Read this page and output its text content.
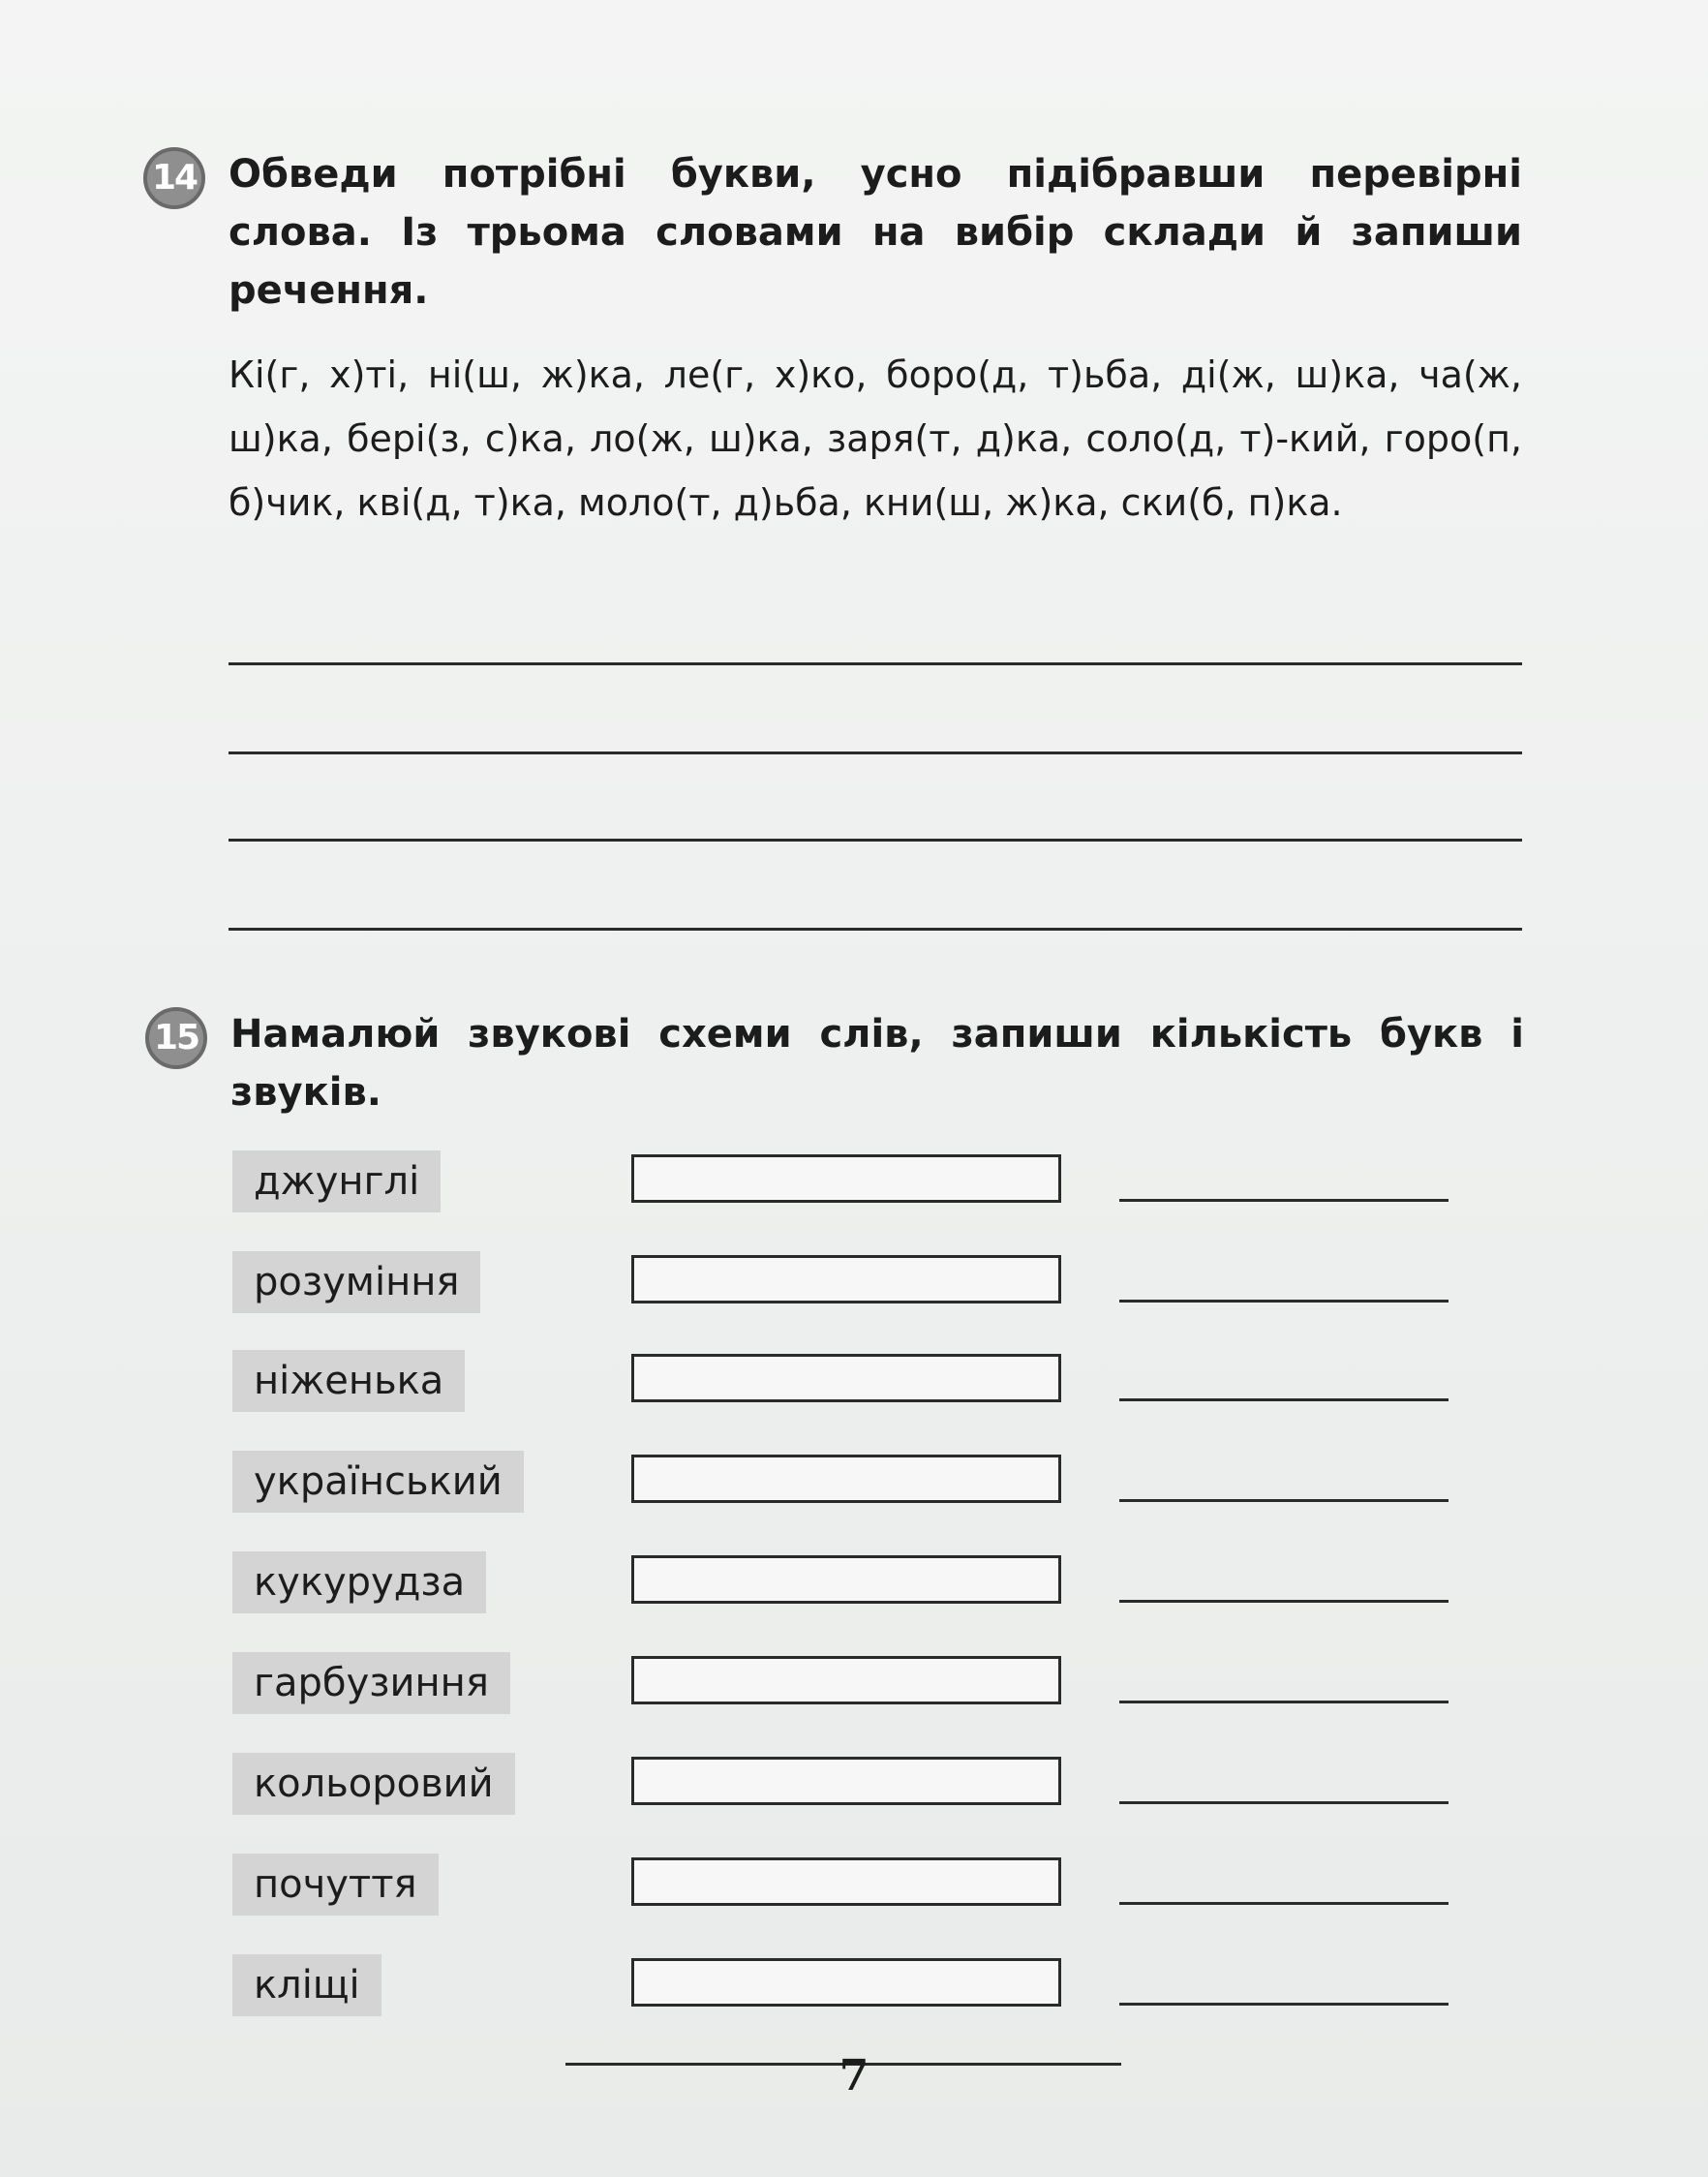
14 Обведи потрібні букви, усно підібравши перевірні слова. Із трьома словами на вибір склади й запиши речення.
Кі(г, х)ті, ні(ш, ж)ка, ле(г, х)ко, боро(д, т)ьба, ді(ж, ш)ка, ча(ж, ш)ка, бері(з, с)ка, ло(ж, ш)ка, заря(т, д)ка, соло(д, т)-кий, горо(п, б)чик, кві(д, т)ка, моло(т, д)ьба, кни(ш, ж)ка, ски(б, п)ка.
15 Намалюй звукові схеми слів, запиши кількість букв і звуків.
джунглі
розуміння
ніженька
український
кукурудза
гарбузиння
кольоровий
почуття
кліщі
7
